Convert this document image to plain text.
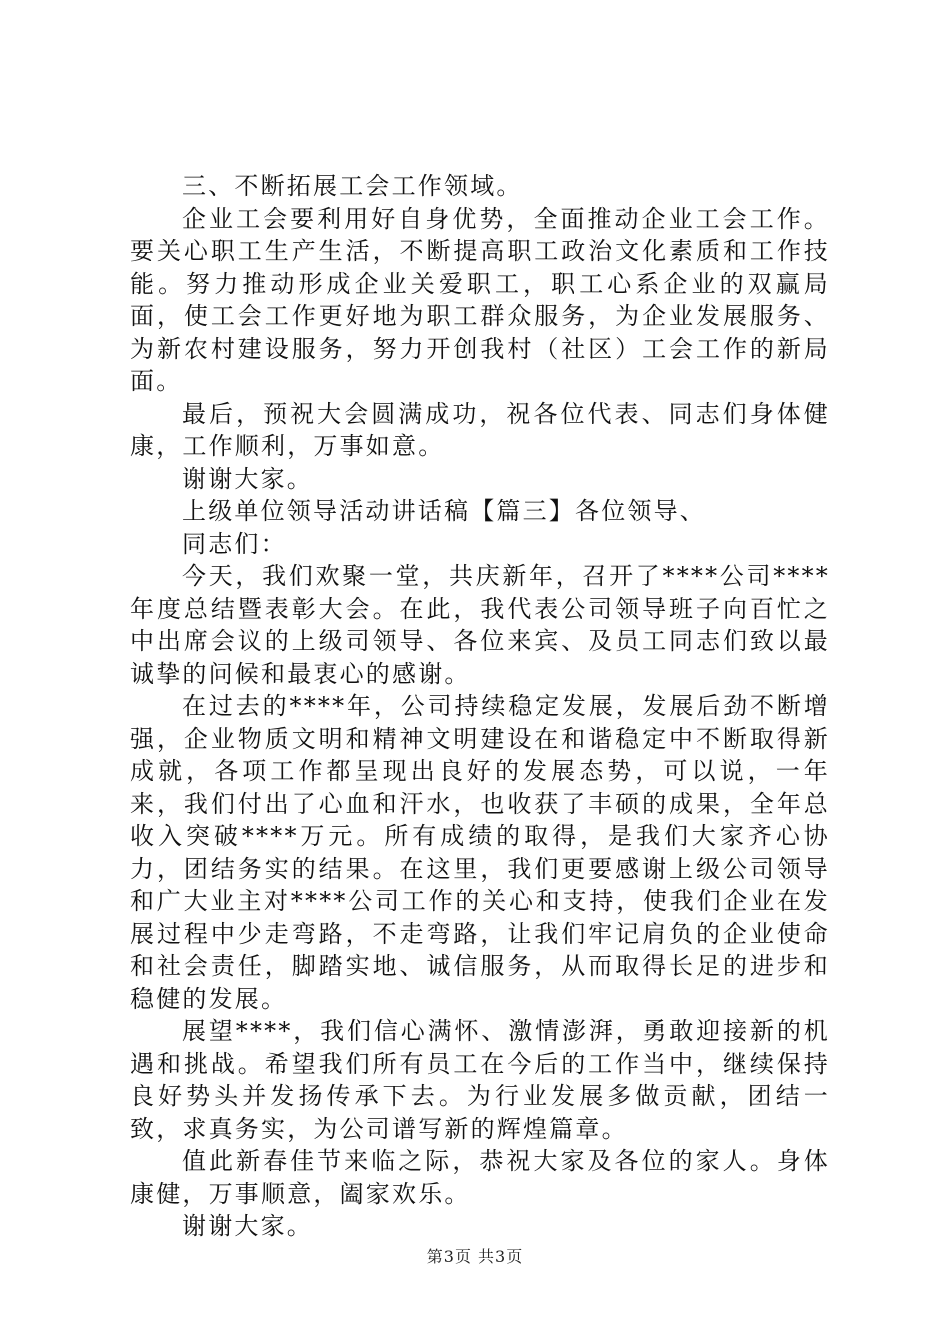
三、不断拓展工会工作领域。

企业工会要利用好自身优势，全面推动企业工会工作。要关心职工生产生活，不断提高职工政治文化素质和工作技能。努力推动形成企业关爱职工，职工心系企业的双赢局面，使工会工作更好地为职工群众服务，为企业发展服务、为新农村建设服务，努力开创我村（社区）工会工作的新局面。

最后，预祝大会圆满成功，祝各位代表、同志们身体健康，工作顺利，万事如意。

谢谢大家。

上级单位领导活动讲话稿【篇三】各位领导、

同志们：

今天，我们欢聚一堂，共庆新年，召开了****公司****年度总结暨表彰大会。在此，我代表公司领导班子向百忙之中出席会议的上级司领导、各位来宾、及员工同志们致以最诚挚的问候和最衷心的感谢。

在过去的****年，公司持续稳定发展，发展后劲不断增强，企业物质文明和精神文明建设在和谐稳定中不断取得新成就，各项工作都呈现出良好的发展态势，可以说，一年来，我们付出了心血和汗水，也收获了丰硕的成果，全年总收入突破****万元。所有成绩的取得，是我们大家齐心协力，团结务实的结果。在这里，我们更要感谢上级公司领导和广大业主对****公司工作的关心和支持，使我们企业在发展过程中少走弯路，不走弯路，让我们牢记肩负的企业使命和社会责任，脚踏实地、诚信服务，从而取得长足的进步和稳健的发展。

展望****，我们信心满怀、激情澎湃，勇敢迎接新的机遇和挑战。希望我们所有员工在今后的工作当中，继续保持良好势头并发扬传承下去。为行业发展多做贡献，团结一致，求真务实，为公司谱写新的辉煌篇章。

值此新春佳节来临之际，恭祝大家及各位的家人。身体康健，万事顺意，阖家欢乐。

谢谢大家。

第3页 共3页
